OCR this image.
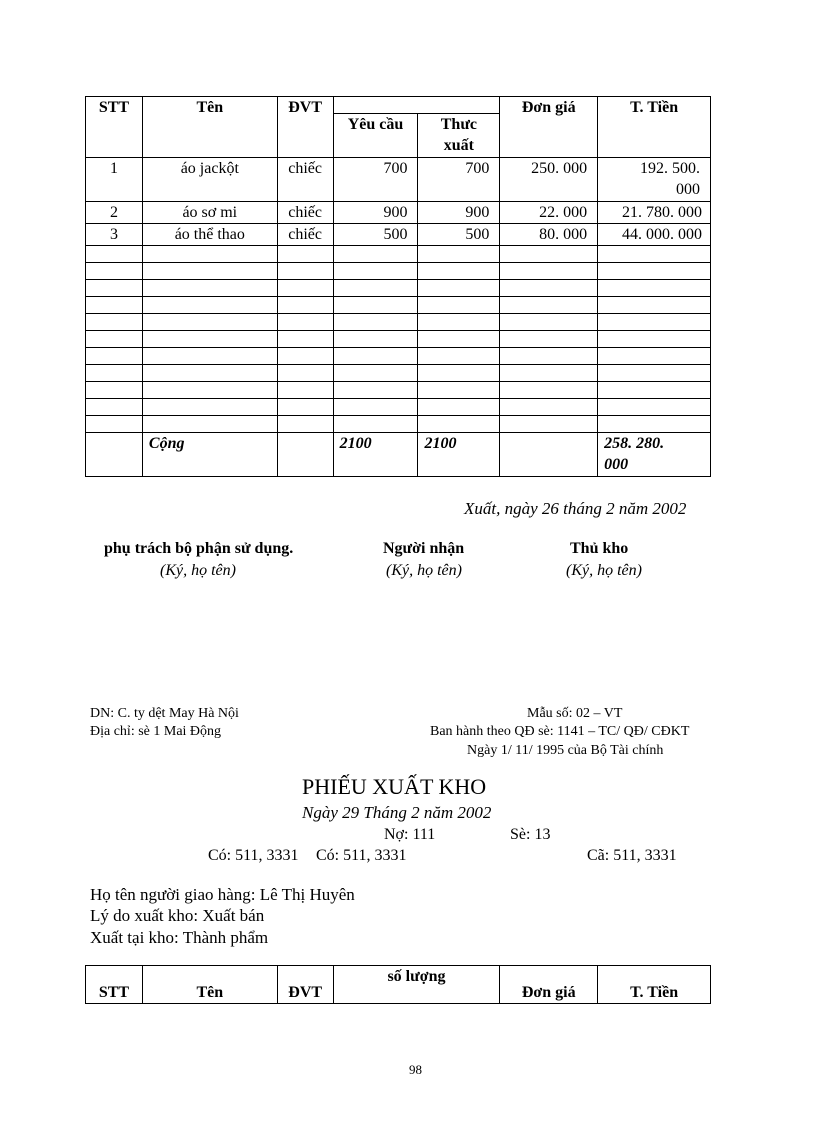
STT	Tên	ĐVT			Đơn giá	T. Tiền
			Yêu cầu	Thưc
xuất		
1	áo jackột	chiếc	700	700	250. 000	192. 500.
000
2	áo sơ mi	chiếc	900	900	22. 000	21. 780. 000
3	áo thể thao	chiếc	500	500	80. 000	44. 000. 000

	Cộng		2100	2100		258. 280.
000
Xuất, ngày 26 tháng 2 năm 2002
phụ trách bộ phận sử dụng.
(Ký, họ tên)
Người nhận
(Ký, họ tên)
Thủ kho
(Ký, họ tên)
DN: C. ty dệt May Hà Nội
Địa chỉ: sè 1 Mai Động
Mẫu số: 02 – VT
Ban hành theo QĐ sè: 1141 – TC/ QĐ/ CĐKT
Ngày 1/ 11/ 1995 của Bộ Tài chính
PHIẾU XUẤT KHO
Ngày 29 Tháng 2 năm 2002
Nợ: 111	Sè: 13
Có: 511, 3331 Có: 511, 3331	Cã: 511, 3331
Họ tên người giao hàng: Lê Thị Huyên
Lý do xuất kho: Xuất bán
Xuất tại kho: Thành phẩm
STT	Tên	ĐVT	số lượng	Đơn giá	T. Tiền
98
